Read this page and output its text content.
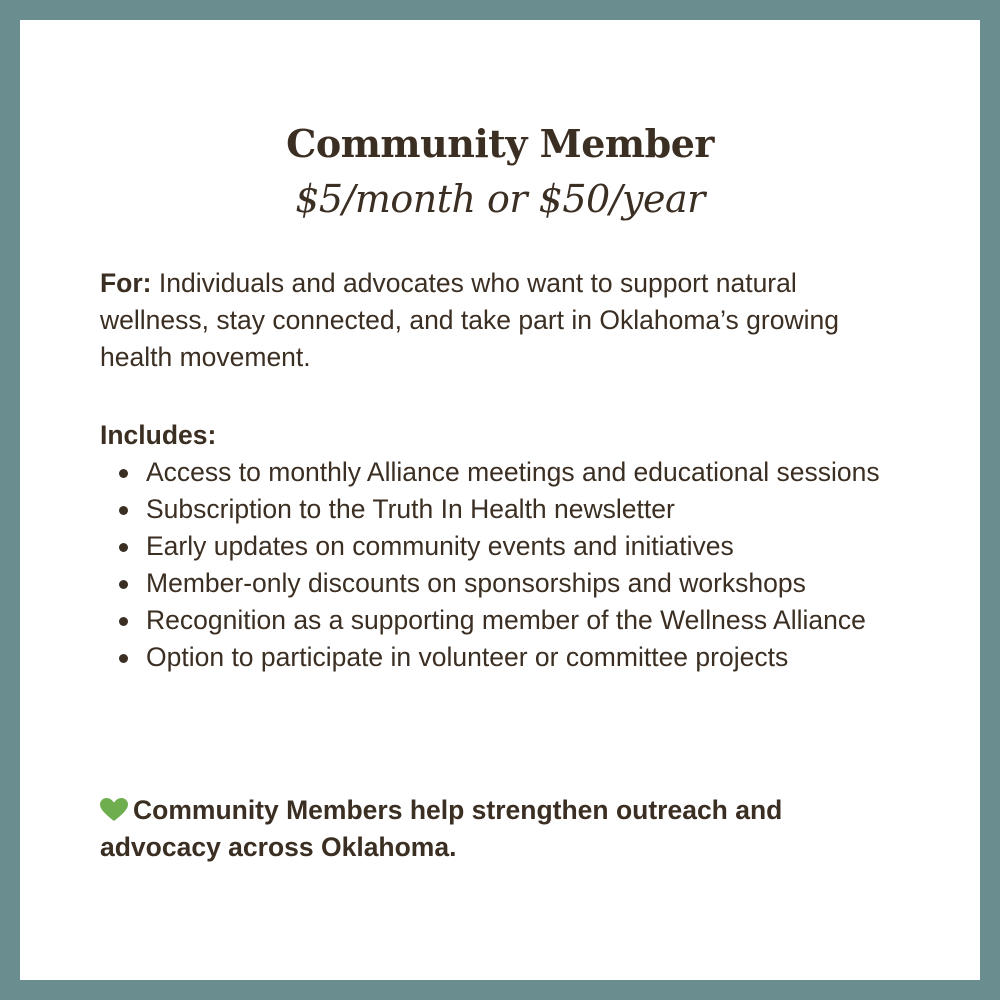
Community Member

$5/month or $50/year

For: Individuals and advocates who want to support natural wellness, stay connected, and take part in Oklahoma’s growing health movement.

Includes:

Access to monthly Alliance meetings and educational sessions
Subscription to the Truth In Health newsletter
Early updates on community events and initiatives
Member-only discounts on sponsorships and workshops
Recognition as a supporting member of the Wellness Alliance
Option to participate in volunteer or committee projects

Community Members help strengthen outreach and advocacy across Oklahoma.
